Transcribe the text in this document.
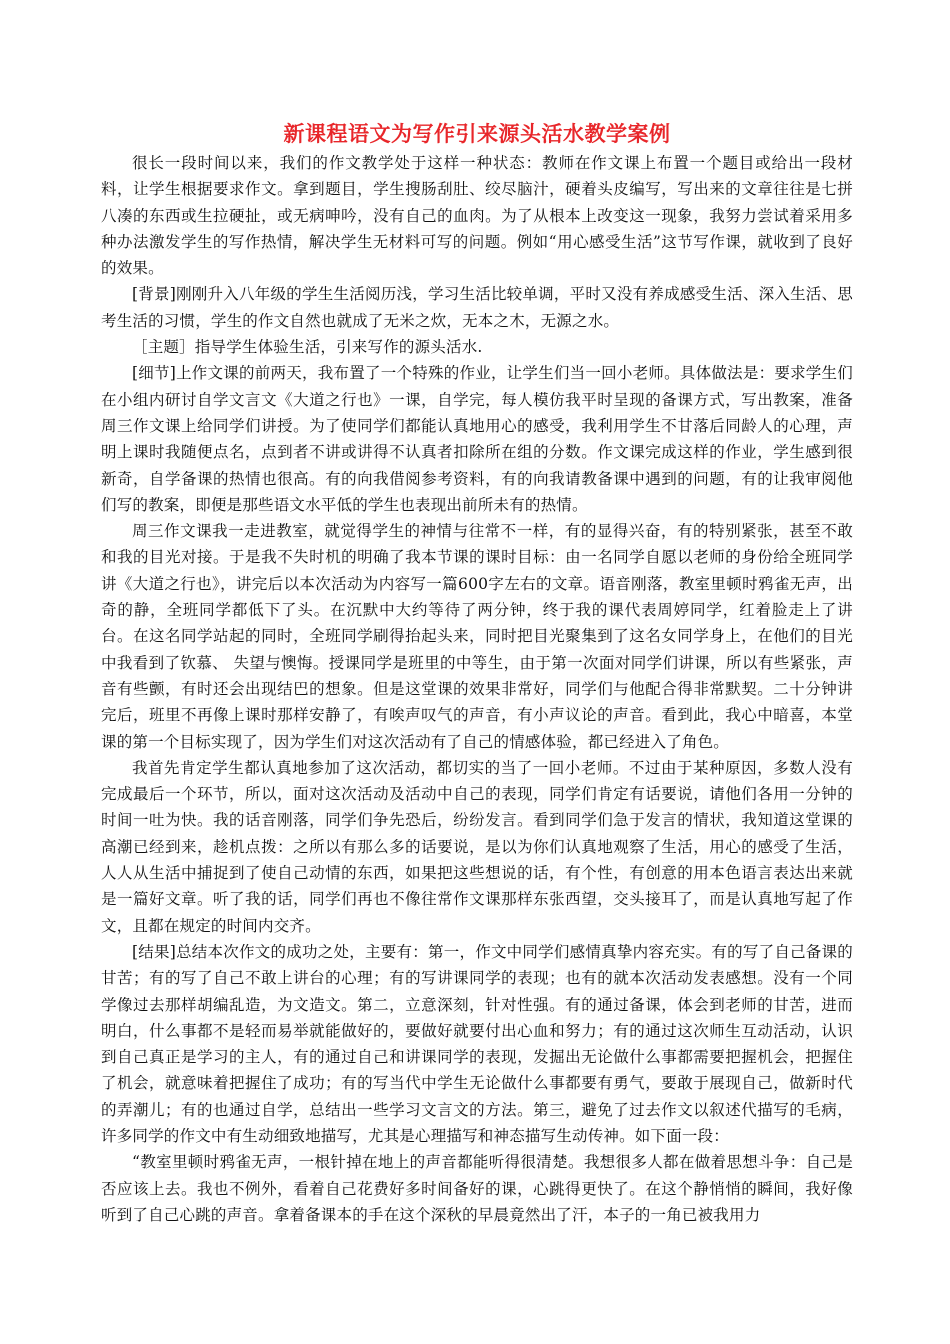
新课程语文为写作引来源头活水教学案例

很长一段时间以来，我们的作文教学处于这样一种状态：教师在作文课上布置一个题目或给出一段材料，让学生根据要求作文。拿到题目，学生搜肠刮肚、绞尽脑汁，硬着头皮编写，写出来的文章往往是七拼八凑的东西或生拉硬扯，或无病呻吟，没有自己的血肉。为了从根本上改变这一现象，我努力尝试着采用多种办法激发学生的写作热情，解决学生无材料可写的问题。例如“用心感受生活”这节写作课，就收到了良好的效果。

[背景]刚刚升入八年级的学生生活阅历浅，学习生活比较单调，平时又没有养成感受生活、深入生活、思考生活的习惯，学生的作文自然也就成了无米之炊，无本之木，无源之水。

［主题］指导学生体验生活，引来写作的源头活水.

[细节]上作文课的前两天，我布置了一个特殊的作业，让学生们当一回小老师。具体做法是：要求学生们在小组内研讨自学文言文《大道之行也》一课，自学完，每人模仿我平时呈现的备课方式，写出教案，准备周三作文课上给同学们讲授。为了使同学们都能认真地用心的感受，我利用学生不甘落后同龄人的心理，声明上课时我随便点名，点到者不讲或讲得不认真者扣除所在组的分数。作文课完成这样的作业，学生感到很新奇，自学备课的热情也很高。有的向我借阅参考资料，有的向我请教备课中遇到的问题，有的让我审阅他们写的教案，即便是那些语文水平低的学生也表现出前所未有的热情。

周三作文课我一走进教室，就觉得学生的神情与往常不一样，有的显得兴奋，有的特别紧张，甚至不敢和我的目光对接。于是我不失时机的明确了我本节课的课时目标：由一名同学自愿以老师的身份给全班同学讲《大道之行也》，讲完后以本次活动为内容写一篇600字左右的文章。语音刚落，教室里顿时鸦雀无声，出奇的静，全班同学都低下了头。在沉默中大约等待了两分钟，终于我的课代表周婷同学，红着脸走上了讲台。在这名同学站起的同时，全班同学刷得抬起头来，同时把目光聚集到了这名女同学身上，在他们的目光中我看到了钦慕、 失望与懊悔。授课同学是班里的中等生，由于第一次面对同学们讲课，所以有些紧张，声音有些颤，有时还会出现结巴的想象。但是这堂课的效果非常好，同学们与他配合得非常默契。二十分钟讲完后，班里不再像上课时那样安静了，有唉声叹气的声音，有小声议论的声音。看到此，我心中暗喜，本堂课的第一个目标实现了，因为学生们对这次活动有了自己的情感体验，都已经进入了角色。

我首先肯定学生都认真地参加了这次活动，都切实的当了一回小老师。不过由于某种原因，多数人没有完成最后一个环节，所以，面对这次活动及活动中自己的表现，同学们肯定有话要说，请他们各用一分钟的时间一吐为快。我的话音刚落，同学们争先恐后，纷纷发言。看到同学们急于发言的情状，我知道这堂课的高潮已经到来，趁机点拨：之所以有那么多的话要说，是以为你们认真地观察了生活，用心的感受了生活，人人从生活中捕捉到了使自己动情的东西，如果把这些想说的话，有个性，有创意的用本色语言表达出来就是一篇好文章。听了我的话，同学们再也不像往常作文课那样东张西望，交头接耳了，而是认真地写起了作文，且都在规定的时间内交齐。

[结果]总结本次作文的成功之处，主要有：第一，作文中同学们感情真挚内容充实。有的写了自己备课的甘苦；有的写了自己不敢上讲台的心理；有的写讲课同学的表现；也有的就本次活动发表感想。没有一个同学像过去那样胡编乱造，为文造文。第二，立意深刻，针对性强。有的通过备课，体会到老师的甘苦，进而明白，什么事都不是轻而易举就能做好的，要做好就要付出心血和努力；有的通过这次师生互动活动，认识到自己真正是学习的主人，有的通过自己和讲课同学的表现，发掘出无论做什么事都需要把握机会，把握住了机会，就意味着把握住了成功；有的写当代中学生无论做什么事都要有勇气，要敢于展现自己，做新时代的弄潮儿；有的也通过自学，总结出一些学习文言文的方法。第三，避免了过去作文以叙述代描写的毛病，许多同学的作文中有生动细致地描写，尤其是心理描写和神态描写生动传神。如下面一段：

“教室里顿时鸦雀无声，一根针掉在地上的声音都能听得很清楚。我想很多人都在做着思想斗争：自己是否应该上去。我也不例外，看着自己花费好多时间备好的课，心跳得更快了。在这个静悄悄的瞬间，我好像听到了自己心跳的声音。拿着备课本的手在这个深秋的早晨竟然出了汗，本子的一角已被我用力
